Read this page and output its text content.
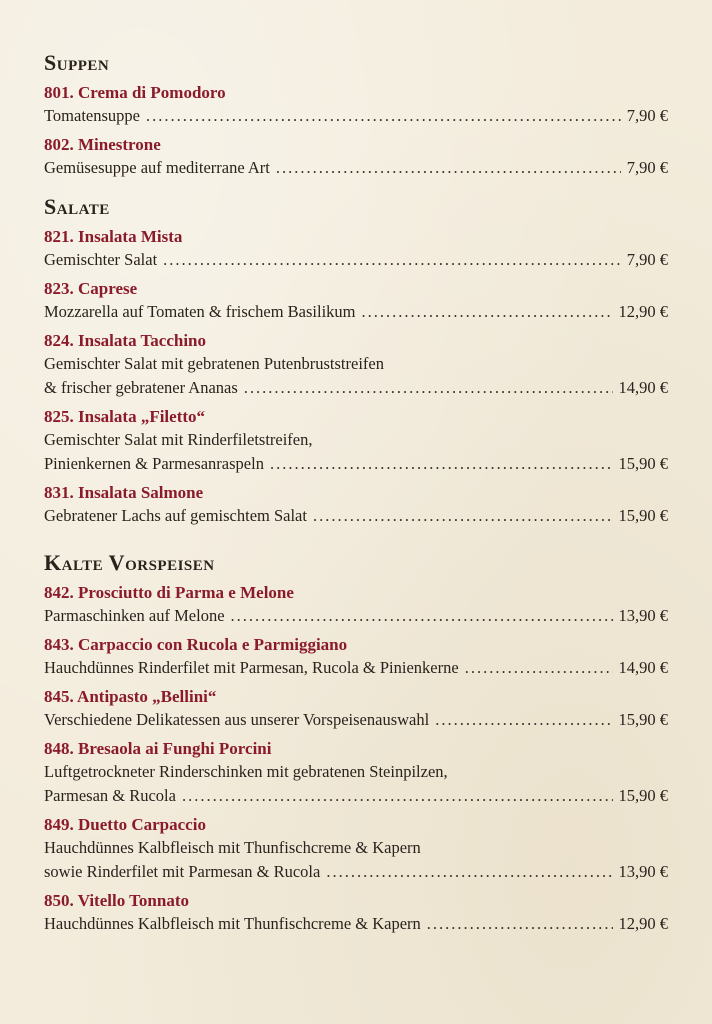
Suppen
801. Crema di Pomodoro
Tomatensuppe .....	7,90 €
802. Minestrone
Gemüsesuppe auf mediterrane Art .....	7,90 €
Salate
821. Insalata Mista
Gemischter Salat .....	7,90 €
823. Caprese
Mozzarella auf Tomaten & frischem Basilikum .....	12,90 €
824. Insalata Tacchino
Gemischter Salat mit gebratenen Putenbruststreifen
& frischer gebratener Ananas .....	14,90 €
825. Insalata „Filetto“
Gemischter Salat mit Rinderfiletstreifen,
Pinienkernen & Parmesanraspeln .....	15,90 €
831. Insalata Salmone
Gebratener Lachs auf gemischtem Salat .....	15,90 €
Kalte Vorspeisen
842. Prosciutto di Parma e Melone
Parmaschinken auf Melone .....	13,90 €
843. Carpaccio con Rucola e Parmiggiano
Hauchdünnes Rinderfilet mit Parmesan, Rucola & Pinienkerne .....	14,90 €
845. Antipasto „Bellini“
Verschiedene Delikatessen aus unserer Vorspeisenauswahl .....	15,90 €
848. Bresaola ai Funghi Porcini
Luftgetrockneter Rinderschinken mit gebratenen Steinpilzen,
Parmesan & Rucola .....	15,90 €
849. Duetto Carpaccio
Hauchdünnes Kalbfleisch mit Thunfischcreme & Kapern
sowie Rinderfilet mit Parmesan & Rucola .....	13,90 €
850. Vitello Tonnato
Hauchdünnes Kalbfleisch mit Thunfischcreme & Kapern .....	12,90 €
